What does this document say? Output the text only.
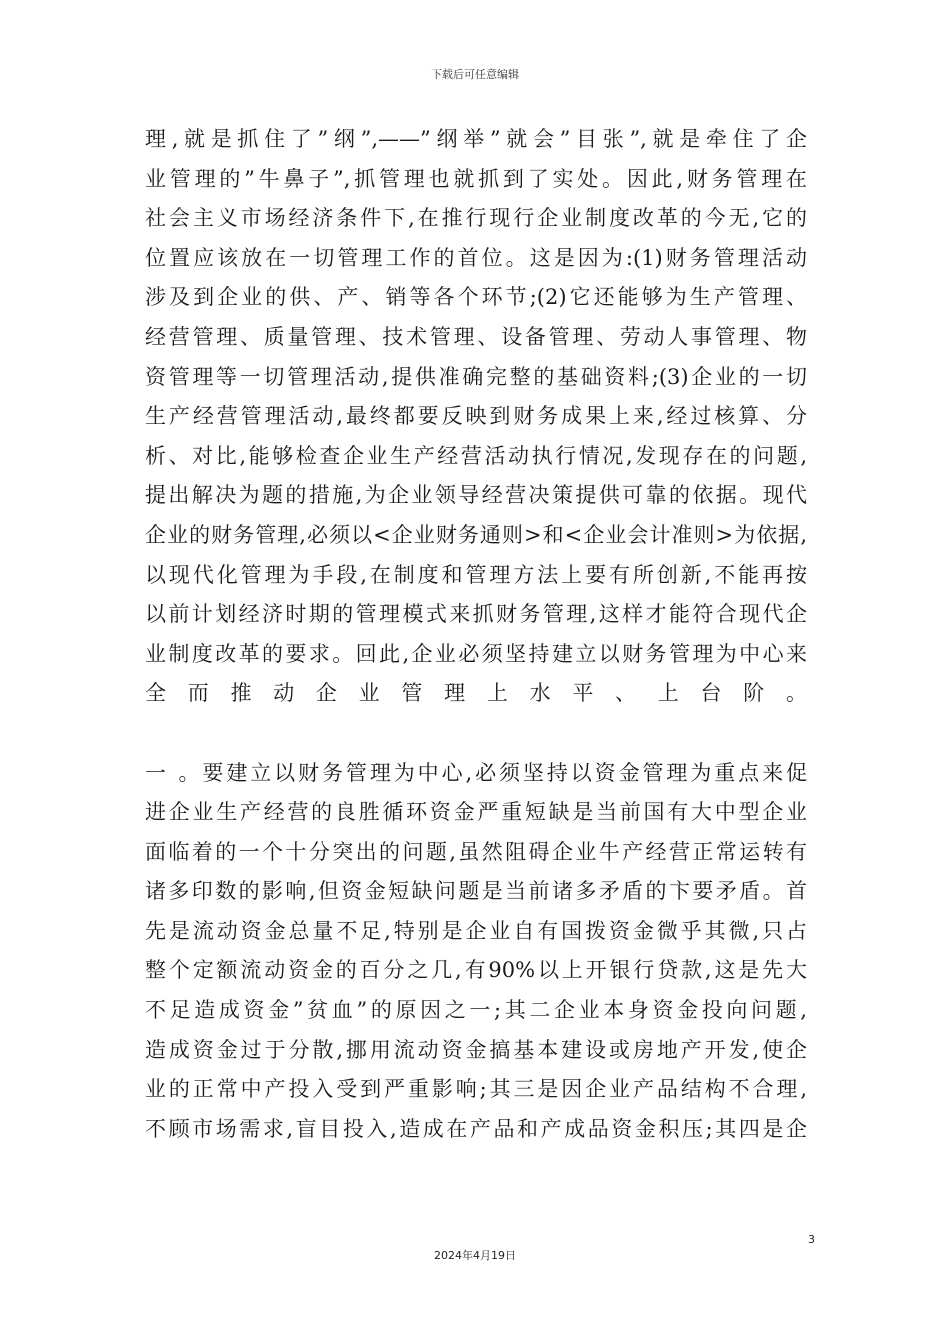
下载后可任意编辑
理,就是抓住了”纲”,——”纲举”就会”目张”,就是牵住了企
业管理的”牛鼻子”,抓管理也就抓到了实处。因此,财务管理在
社会主义市场经济条件下,在推行现行企业制度改革的今无,它的
位置应该放在一切管理工作的首位。这是因为:(1)财务管理活动
涉及到企业的供、产、销等各个环节;(2)它还能够为生产管理、
经营管理、质量管理、技术管理、设备管理、劳动人事管理、物
资管理等一切管理活动,提供准确完整的基础资料;(3)企业的一切
生产经营管理活动,最终都要反映到财务成果上来,经过核算、分
析、对比,能够检查企业生产经营活动执行情况,发现存在的问题,
提出解决为题的措施,为企业领导经营决策提供可靠的依据。现代
企业的财务管理,必须以<企业财务通则>和<企业会计准则>为依据,
以现代化管理为手段,在制度和管理方法上要有所创新,不能再按
以前计划经济时期的管理模式来抓财务管理,这样才能符合现代企
业制度改革的要求。回此,企业必须坚持建立以财务管理为中心来
全 而 推 动 企 业 管 理 上 水 平 、 上 台 阶 。
一 。要建立以财务管理为中心,必须坚持以资金管理为重点来促
进企业生产经营的良胜循环资金严重短缺是当前国有大中型企业
面临着的一个十分突出的问题,虽然阻碍企业牛产经营正常运转有
诸多印数的影响,但资金短缺问题是当前诸多矛盾的卞要矛盾。首
先是流动资金总量不足,特别是企业自有国拨资金微乎其微,只占
整个定额流动资金的百分之几,有90%以上开银行贷款,这是先大
不足造成资金”贫血”的原因之一;其二企业本身资金投向问题,
造成资金过于分散,挪用流动资金搞基本建设或房地产开发,使企
业的正常中产投入受到严重影响;其三是因企业产品结构不合理,
不顾市场需求,盲目投入,造成在产品和产成品资金积压;其四是企
3
2024年4月19日
